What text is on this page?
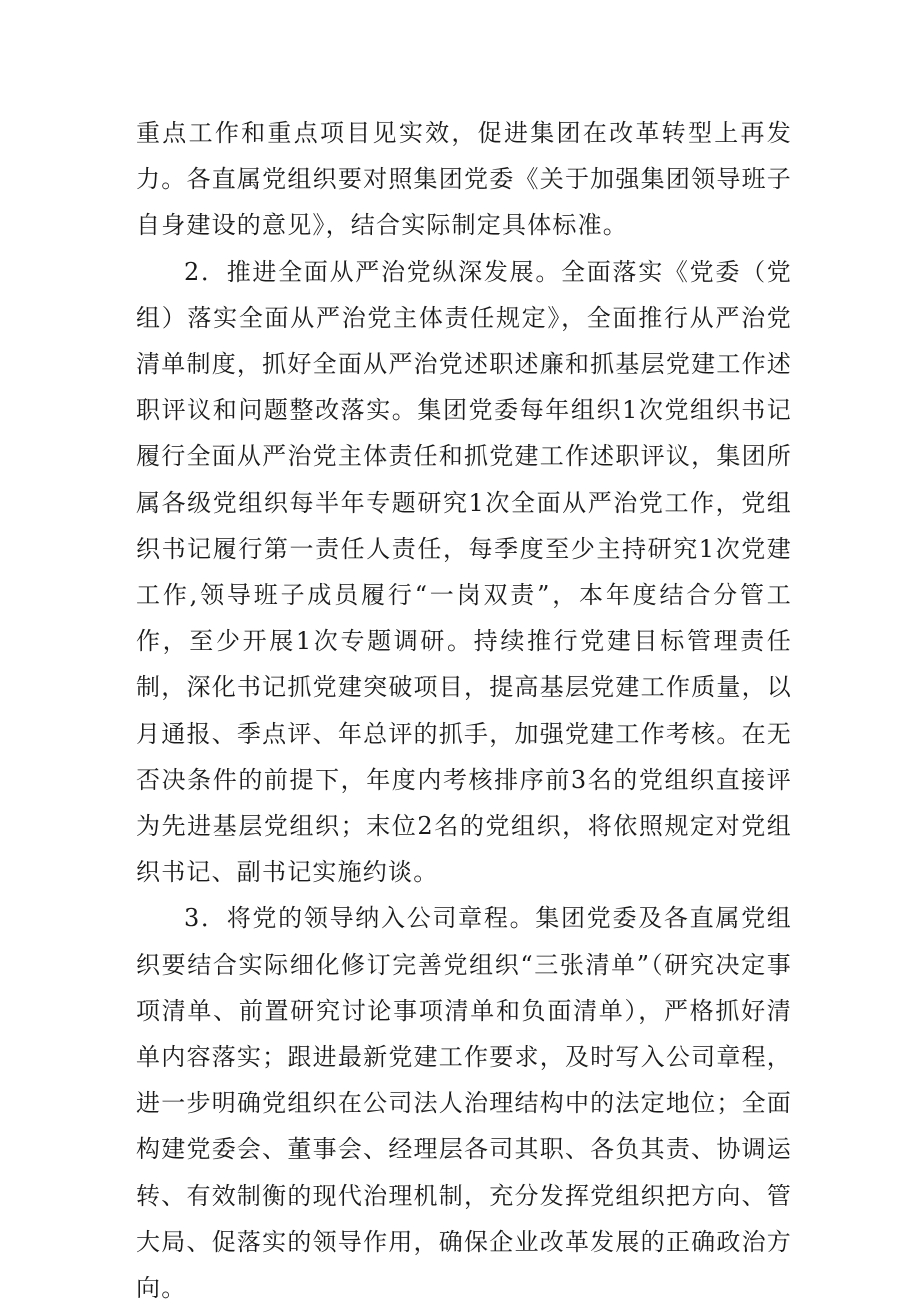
重点工作和重点项目见实效，促进集团在改革转型上再发力。各直属党组织要对照集团党委《关于加强集团领导班子自身建设的意见》，结合实际制定具体标准。

2．推进全面从严治党纵深发展。全面落实《党委（党组）落实全面从严治党主体责任规定》，全面推行从严治党清单制度，抓好全面从严治党述职述廉和抓基层党建工作述职评议和问题整改落实。集团党委每年组织1次党组织书记履行全面从严治党主体责任和抓党建工作述职评议，集团所属各级党组织每半年专题研究1次全面从严治党工作，党组织书记履行第一责任人责任，每季度至少主持研究1次党建工作,领导班子成员履行“一岗双责”，本年度结合分管工作，至少开展1次专题调研。持续推行党建目标管理责任制，深化书记抓党建突破项目，提高基层党建工作质量，以月通报、季点评、年总评的抓手，加强党建工作考核。在无否决条件的前提下，年度内考核排序前3名的党组织直接评为先进基层党组织；末位2名的党组织，将依照规定对党组织书记、副书记实施约谈。

3．将党的领导纳入公司章程。集团党委及各直属党组织要结合实际细化修订完善党组织“三张清单”（研究决定事项清单、前置研究讨论事项清单和负面清单），严格抓好清单内容落实；跟进最新党建工作要求，及时写入公司章程，进一步明确党组织在公司法人治理结构中的法定地位；全面构建党委会、董事会、经理层各司其职、各负其责、协调运转、有效制衡的现代治理机制，充分发挥党组织把方向、管大局、促落实的领导作用，确保企业改革发展的正确政治方向。
